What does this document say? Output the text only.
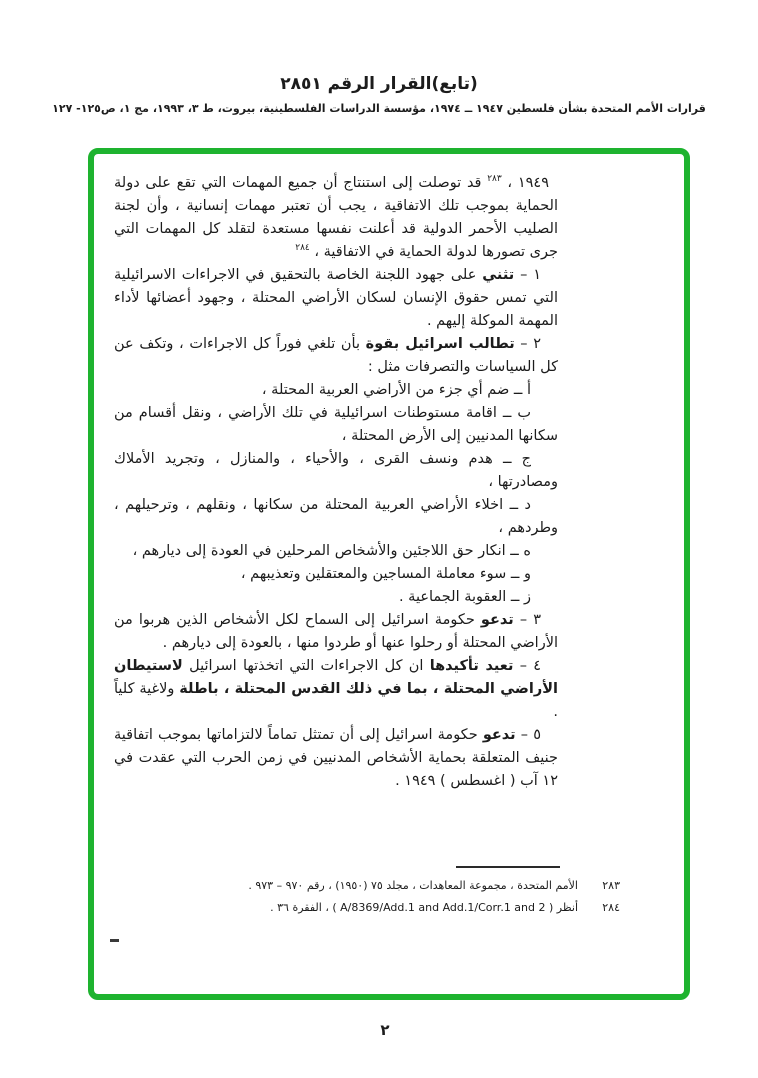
(تابع)القرار الرقم ٢٨٥١
قرارات الأمم المتحدة بشأن فلسطين ١٩٤٧ ــ ١٩٧٤، مؤسسة الدراسات الفلسطينية، بيروت، ط ٣، ١٩٩٣، مج ١، ص١٢٥- ١٢٧

١٩٤٩ ، $^{٢٨٣}$ قد توصلت إلى استنتاج أن جميع المهمات التي تقع على دولة الحماية بموجب تلك الاتفاقية ، يجب أن تعتبر مهمات إنسانية ، وأن لجنة الصليب الأحمر الدولية قد أعلنت نفسها مستعدة لتقلد كل المهمات التي جرى تصورها لدولة الحماية في الاتفاقية ، $^{٢٨٤}$

١ – تثني على جهود اللجنة الخاصة بالتحقيق في الاجراءات الاسرائيلية التي تمس حقوق الإنسان لسكان الأراضي المحتلة ، وجهود أعضائها لأداء المهمة الموكلة إليهم .

٢ – تطالب اسرائيل بقوة بأن تلغي فوراً كل الاجراءات ، وتكف عن كل السياسات والتصرفات مثل :

أ ــ ضم أي جزء من الأراضي العربية المحتلة ،

ب ــ اقامة مستوطنات اسرائيلية في تلك الأراضي ، ونقل أقسام من سكانها المدنيين إلى الأرض المحتلة ،

ج ــ هدم ونسف القرى ، والأحياء ، والمنازل ، وتجريد الأملاك ومصادرتها ،

د ــ اخلاء الأراضي العربية المحتلة من سكانها ، ونقلهم ، وترحيلهم ، وطردهم ،

ه ــ انكار حق اللاجئين والأشخاص المرحلين في العودة إلى ديارهم ،

و ــ سوء معاملة المساجين والمعتقلين وتعذيبهم ،

ز ــ العقوبة الجماعية .

٣ – تدعو حكومة اسرائيل إلى السماح لكل الأشخاص الذين هربوا من الأراضي المحتلة أو رحلوا عنها أو طردوا منها ، بالعودة إلى ديارهم .

٤ – تعيد تأكيدها ان كل الاجراءات التي اتخذتها اسرائيل لاستيطان الأراضي المحتلة ، بما في ذلك القدس المحتلة ، باطلة ولاغية كلياً .

٥ – تدعو حكومة اسرائيل إلى أن تمتثل تماماً لالتزاماتها بموجب اتفاقية جنيف المتعلقة بحماية الأشخاص المدنيين في زمن الحرب التي عقدت في ١٢ آب ( اغسطس ) ١٩٤٩ .

٢٨٣
الأمم المتحدة ، مجموعة المعاهدات ، مجلد ٧٥ (١٩٥٠) ، رقم ٩٧٠ – ٩٧٣ .
٢٨٤
أنظر ( A/8369/Add.1 and Add.1/Corr.1 and 2 ) ، الفقرة ٣٦ .
٢
